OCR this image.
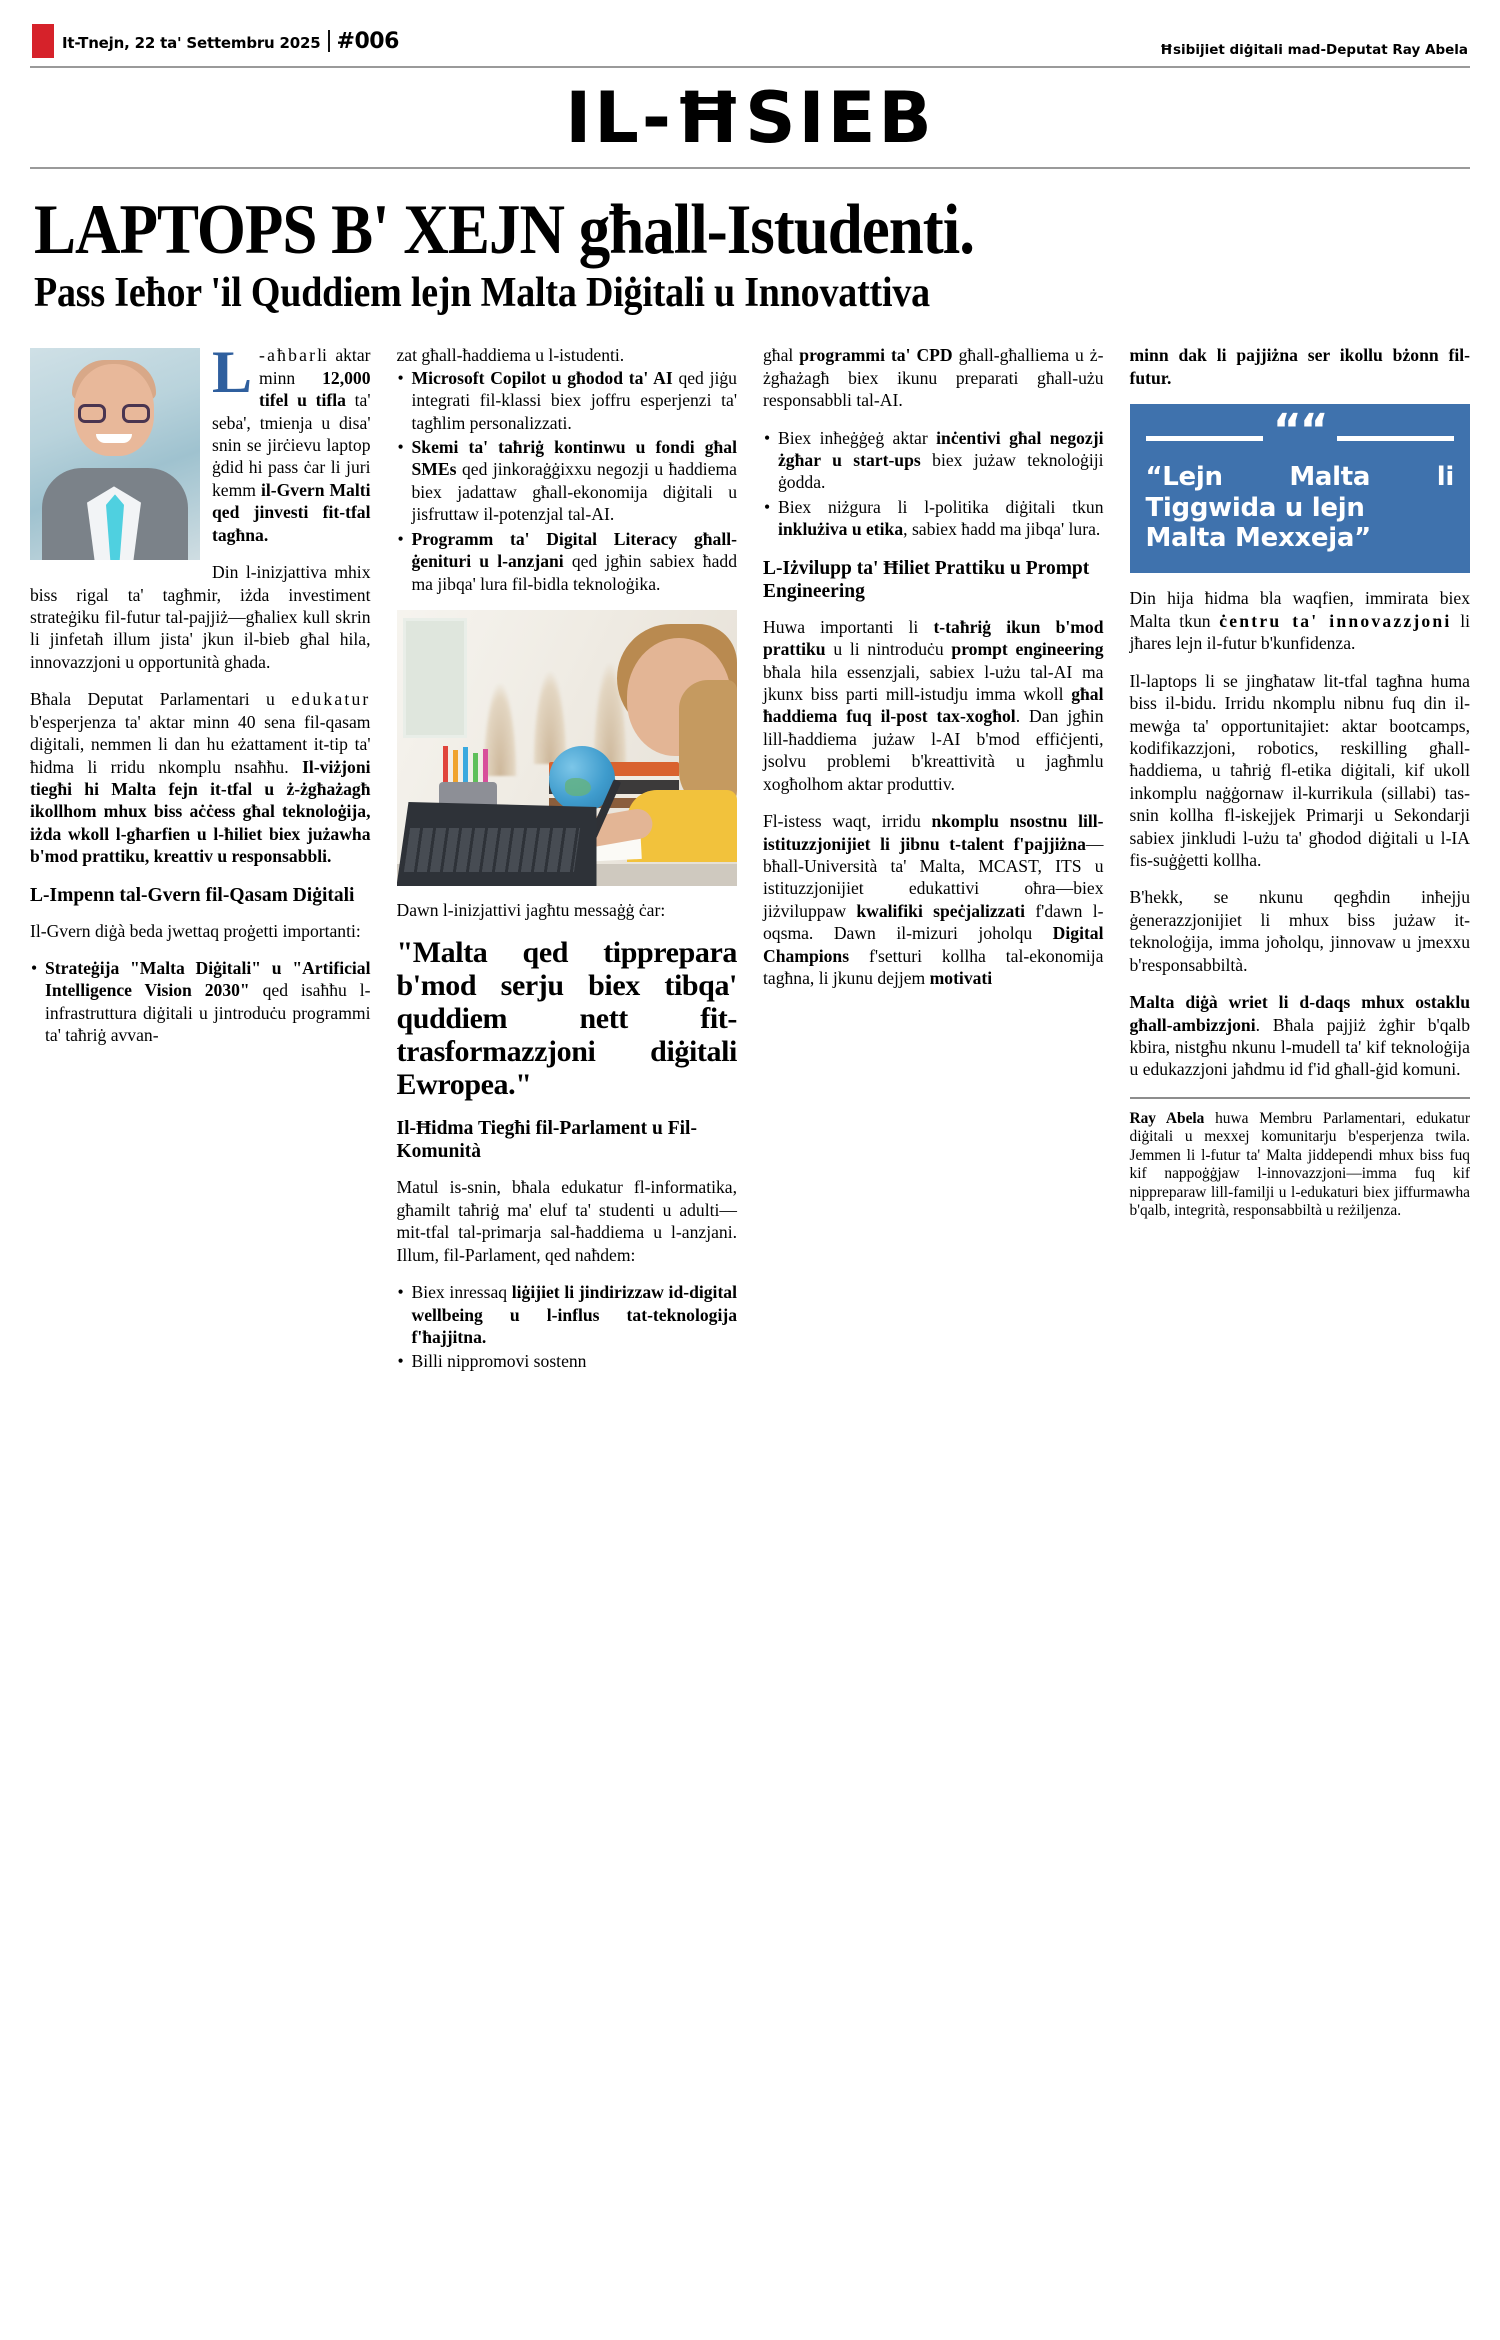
It-Tnejn, 22 ta' Settembru 2025 #006	Ħsibijiet diġitali mad-Deputat Ray Abela
IL-ĦSIEB
LAPTOPS B' XEJN għall-Istudenti.
Pass Ieħor 'il Quddiem lejn Malta Diġitali u Innovattiva

L -aħbarli aktar minn 12,000 tifel u tifla ta' seba', tmienja u disa' snin se jirċievu laptop ġdid hi pass ċar li juri kemm il-Gvern Malti qed jinvesti fit-tfal tagħna.

Din l-inizjattiva mhix biss rigal ta' tagħmir, iżda investiment strateġiku fil-futur tal-pajjiż—għaliex kull skrin li jinfetaħ illum jista' jkun il-bieb għal hila, innovazzjoni u opportunità ghada.

Bħala Deputat Parlamentari u edukatur b'esperjenza ta' aktar minn 40 sena fil-qasam diġitali, nemmen li dan hu eżattament it-tip ta' ħidma li rridu nkomplu nsaħħu. Il-viżjoni tiegħi hi Malta fejn it-tfal u ż-żgħażagħ ikollhom mhux biss aċċess għal teknoloġija, iżda wkoll l-għarfien u l-ħiliet biex jużawha b'mod prattiku, kreattiv u responsabbli.

L-Impenn tal-Gvern fil-Qasam Diġitali

Il-Gvern diġà beda jwettaq proġetti importanti:

• Strateġija "Malta Diġitali" u "Artificial Intelligence Vision 2030" qed isaħħu l-infrastruttura diġitali u jintroduċu programmi ta' taħriġ avvan-

zat għall-ħaddiema u l-istudenti.

• Microsoft Copilot u għodod ta' AI qed jiġu integrati fil-klassi biex joffru esperjenzi ta' tagħlim personalizzati.
• Skemi ta' taħriġ kontinwu u fondi għal SMEs qed jinkoraġġixxu negozji u ħaddiema biex jadattaw għall-ekonomija diġitali u jisfruttaw il-potenzjal tal-AI.
• Programm ta' Digital Literacy għall-ġenituri u l-anzjani qed jgħin sabiex ħadd ma jibqa' lura fil-bidla teknoloġika.

Dawn l-inizjattivi jagħtu messaġġ ċar:

"Malta qed tipprepara b'mod serju biex tibqa' quddiem nett fit-trasformazzjoni diġitali Ewropea."
Il-Ħidma Tiegħi fil-Parlament u Fil-Komunità

Matul is-snin, bħala edukatur fl-informatika, għamilt taħriġ ma' eluf ta' studenti u adulti—mit-tfal tal-primarja sal-ħaddiema u l-anzjani. Illum, fil-Parlament, qed naħdem:

• Biex inressaq liġijiet li jindirizzaw id-digital wellbeing u l-influs tat-teknologija f'ħajjitna.
• Billi nippromovi sostenn

għal programmi ta' CPD għall-għalliema u ż-żgħażagħ biex ikunu preparati għall-użu responsabbli tal-AI.

• Biex inħeġġeġ aktar inċentivi għal negozji żgħar u start-ups biex jużaw teknoloġiji ġodda.
• Biex niżgura li l-politika diġitali tkun inklużiva u etika, sabiex ħadd ma jibqa' lura.
L-Iżvilupp ta' Ħiliet Prattiku u Prompt Engineering

Huwa importanti li t-taħriġ ikun b'mod prattiku u li nintroduċu prompt engineering bħala hila essenzjali, sabiex l-użu tal-AI ma jkunx biss parti mill-istudju imma wkoll għal ħaddiema fuq il-post tax-xogħol. Dan jgħin lill-ħaddiema jużaw l-AI b'mod effiċjenti, jsolvu problemi b'kreattività u jagħmlu xogħolhom aktar produttiv.

Fl-istess waqt, irridu nkomplu nsostnu lill-istituzzjonijiet li jibnu t-talent f'pajjiżna—bħall-Università ta' Malta, MCAST, ITS u istituzzjonijiet edukattivi oħra—biex jiżviluppaw kwalifiki speċjalizzati f'dawn l-oqsma. Dawn il-mizuri joholqu Digital Champions f'setturi kollha tal-ekonomija tagħna, li jkunu dejjem motivati

minn dak li pajjiżna ser ikollu bżonn fil-futur.

““
“Lejn Malta li Tiggwida u lejn
Malta Mexxeja”

Din hija ħidma bla waqfien, immirata biex Malta tkun ċentru ta' innovazzjoni li jħares lejn il-futur b'kunfidenza.

Il-laptops li se jingħataw lit-tfal tagħna huma biss il-bidu. Irridu nkomplu nibnu fuq din il-mewġa ta' opportunitajiet: aktar bootcamps, kodifikazzjoni, robotics, reskilling għall-ħaddiema, u taħriġ fl-etika diġitali, kif ukoll inkomplu naġġornaw il-kurrikula (sillabi) tas-snin kollha fl-iskejjek Primarji u Sekondarji sabiex jinkludi l-użu ta' għodod diġitali u l-IA fis-suġġetti kollha.

B'hekk, se nkunu qegħdin inħejju ġenerazzjonijiet li mhux biss jużaw it-teknoloġija, imma joħolqu, jinnovaw u jmexxu b'responsabbiltà.

Malta diġà wriet li d-daqs mhux ostaklu għall-ambizzjoni. Bħala pajjiż żgħir b'qalb kbira, nistgħu nkunu l-mudell ta' kif teknoloġija u edukazzjoni jaħdmu id f'id għall-ġid komuni.

Ray Abela huwa Membru Parlamentari, edukatur diġitali u mexxej komunitarju b'esperjenza twila. Jemmen li l-futur ta' Malta jiddependi mhux biss fuq kif nappoġġjaw l-innovazzjoni—imma fuq kif nippreparaw lill-familji u l-edukaturi biex jiffurmawha b'qalb, integrità, responsabbiltà u reżiljenza.
